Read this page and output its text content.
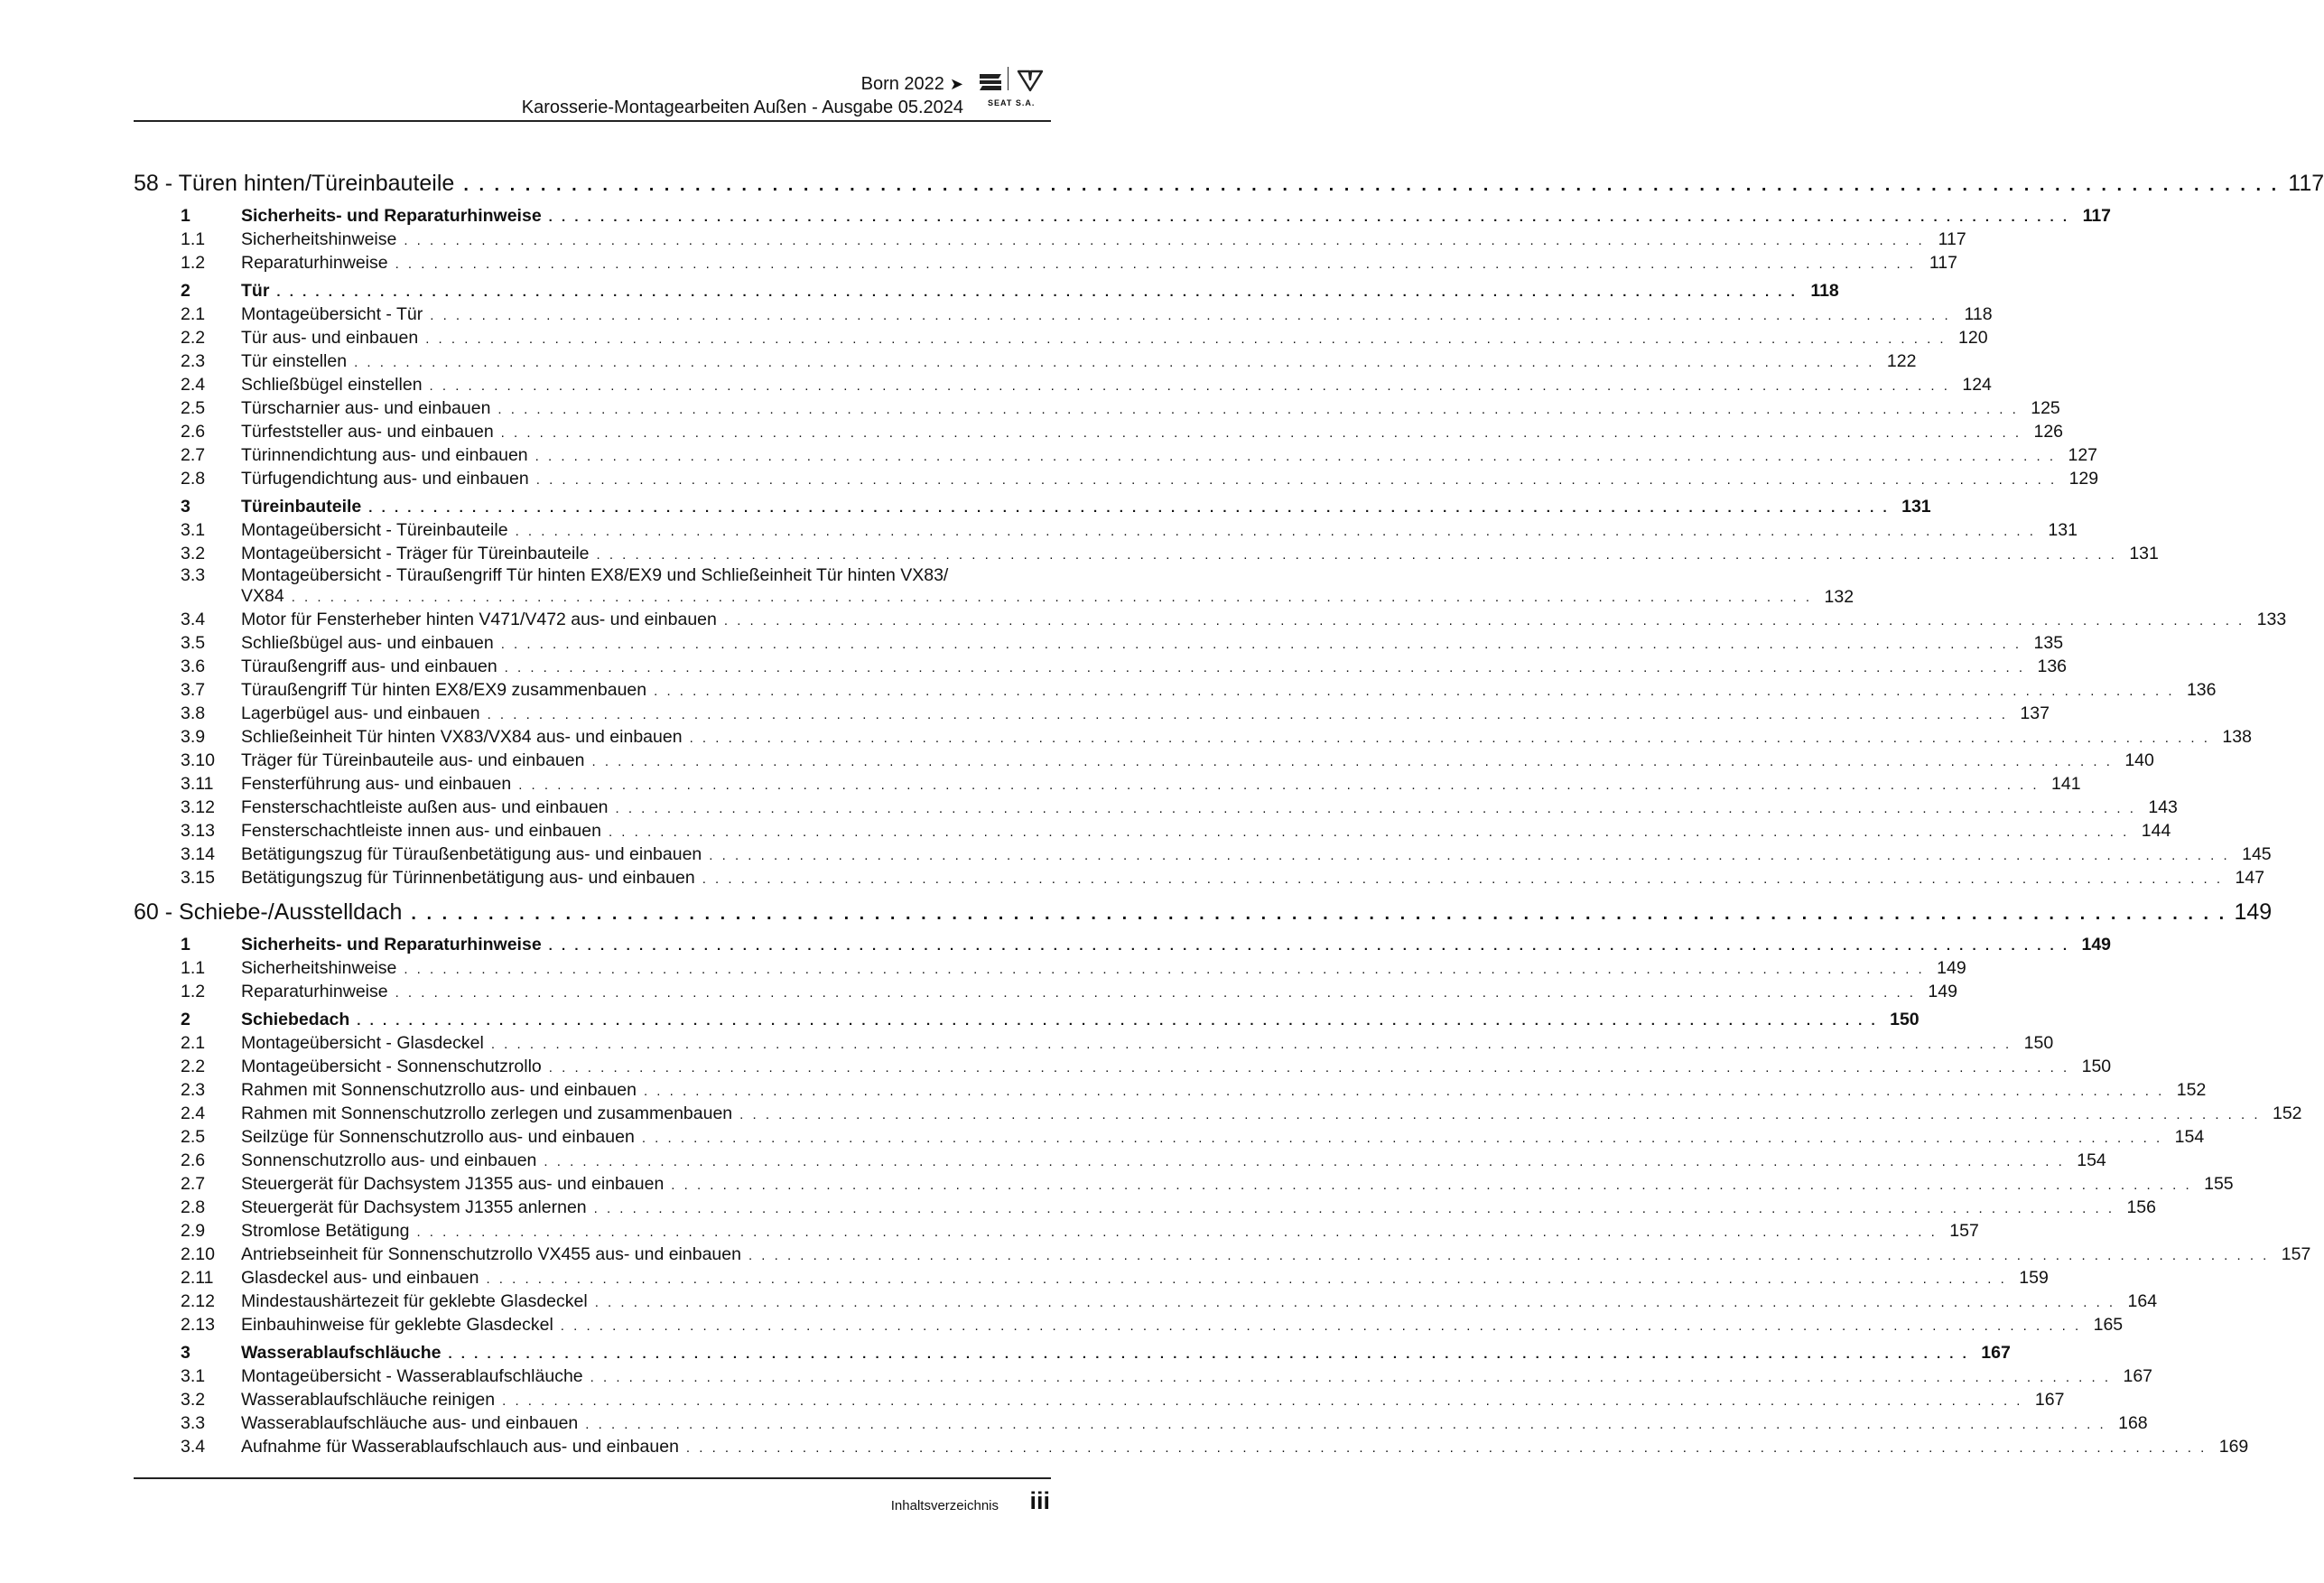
Born 2022 ➤
Karosserie-Montagearbeiten Außen - Ausgabe 05.2024	SEAT S.A.
58 - Türen hinten/Türeinbauteile . . . . . . . . . . . . . . . . . . . . . . . . . . . . . . . . . . . . . . . . . . . . . . . . . . . . . . . . . . . . . . . . . . . . . . . . . . . . . . . . . . . . . . . . . . . . . . . . . . . . . . . . . . . . . . . . . . . . . . 117
1	Sicherheits- und Reparaturhinweise . . . . . . . . . . . . . . . . . . . . . . . . . . . . . . . . . . . . . . . . . . . . . . . . . . . . . . . . . . . . . . . . . . . . . . . . . . . . . . . . . . . . . . . . . . . . . . . . . . . . . . . . . . . . . . . . . . . . . . 117
1.1	Sicherheitshinweise . . . . . . . . . . . . . . . . . . . . . . . . . . . . . . . . . . . . . . . . . . . . . . . . . . . . . . . . . . . . . . . . . . . . . . . . . . . . . . . . . . . . . . . . . . . . . . . . . . . . . . . . . . . . . . . . . . . . . . 117
1.2	Reparaturhinweise . . . . . . . . . . . . . . . . . . . . . . . . . . . . . . . . . . . . . . . . . . . . . . . . . . . . . . . . . . . . . . . . . . . . . . . . . . . . . . . . . . . . . . . . . . . . . . . . . . . . . . . . . . . . . . . . . . . . . . 117
2	Tür . . . . . . . . . . . . . . . . . . . . . . . . . . . . . . . . . . . . . . . . . . . . . . . . . . . . . . . . . . . . . . . . . . . . . . . . . . . . . . . . . . . . . . . . . . . . . . . . . . . . . . . . . . . . . . . . . . . . . . 118
2.1	Montageübersicht - Tür . . . . . . . . . . . . . . . . . . . . . . . . . . . . . . . . . . . . . . . . . . . . . . . . . . . . . . . . . . . . . . . . . . . . . . . . . . . . . . . . . . . . . . . . . . . . . . . . . . . . . . . . . . . . . . . . . . . . . . 118
2.2	Tür aus- und einbauen . . . . . . . . . . . . . . . . . . . . . . . . . . . . . . . . . . . . . . . . . . . . . . . . . . . . . . . . . . . . . . . . . . . . . . . . . . . . . . . . . . . . . . . . . . . . . . . . . . . . . . . . . . . . . . . . . . . . . . 120
2.3	Tür einstellen . . . . . . . . . . . . . . . . . . . . . . . . . . . . . . . . . . . . . . . . . . . . . . . . . . . . . . . . . . . . . . . . . . . . . . . . . . . . . . . . . . . . . . . . . . . . . . . . . . . . . . . . . . . . . . . . . . . . . . 122
2.4	Schließbügel einstellen . . . . . . . . . . . . . . . . . . . . . . . . . . . . . . . . . . . . . . . . . . . . . . . . . . . . . . . . . . . . . . . . . . . . . . . . . . . . . . . . . . . . . . . . . . . . . . . . . . . . . . . . . . . . . . . . . . . . . . 124
2.5	Türscharnier aus- und einbauen . . . . . . . . . . . . . . . . . . . . . . . . . . . . . . . . . . . . . . . . . . . . . . . . . . . . . . . . . . . . . . . . . . . . . . . . . . . . . . . . . . . . . . . . . . . . . . . . . . . . . . . . . . . . . . . . . . . . . . 125
2.6	Türfeststeller aus- und einbauen . . . . . . . . . . . . . . . . . . . . . . . . . . . . . . . . . . . . . . . . . . . . . . . . . . . . . . . . . . . . . . . . . . . . . . . . . . . . . . . . . . . . . . . . . . . . . . . . . . . . . . . . . . . . . . . . . . . . . . 126
2.7	Türinnendichtung aus- und einbauen . . . . . . . . . . . . . . . . . . . . . . . . . . . . . . . . . . . . . . . . . . . . . . . . . . . . . . . . . . . . . . . . . . . . . . . . . . . . . . . . . . . . . . . . . . . . . . . . . . . . . . . . . . . . . . . . . . . . . . 127
2.8	Türfugendichtung aus- und einbauen . . . . . . . . . . . . . . . . . . . . . . . . . . . . . . . . . . . . . . . . . . . . . . . . . . . . . . . . . . . . . . . . . . . . . . . . . . . . . . . . . . . . . . . . . . . . . . . . . . . . . . . . . . . . . . . . . . . . . . 129
3	Türeinbauteile . . . . . . . . . . . . . . . . . . . . . . . . . . . . . . . . . . . . . . . . . . . . . . . . . . . . . . . . . . . . . . . . . . . . . . . . . . . . . . . . . . . . . . . . . . . . . . . . . . . . . . . . . . . . . . . . . . . . . . 131
3.1	Montageübersicht - Türeinbauteile . . . . . . . . . . . . . . . . . . . . . . . . . . . . . . . . . . . . . . . . . . . . . . . . . . . . . . . . . . . . . . . . . . . . . . . . . . . . . . . . . . . . . . . . . . . . . . . . . . . . . . . . . . . . . . . . . . . . . . 131
3.2	Montageübersicht - Träger für Türeinbauteile . . . . . . . . . . . . . . . . . . . . . . . . . . . . . . . . . . . . . . . . . . . . . . . . . . . . . . . . . . . . . . . . . . . . . . . . . . . . . . . . . . . . . . . . . . . . . . . . . . . . . . . . . . . . . . . . . . . . . . 131
3.3	Montageübersicht - Türaußengriff Tür hinten EX8/EX9 und Schließeinheit Tür hinten VX83/
VX84 . . . . . . . . . . . . . . . . . . . . . . . . . . . . . . . . . . . . . . . . . . . . . . . . . . . . . . . . . . . . . . . . . . . . . . . . . . . . . . . . . . . . . . . . . . . . . . . . . . . . . . . . . . . . . . . . . . . . . . 132
3.4	Motor für Fensterheber hinten V471/V472 aus- und einbauen . . . . . . . . . . . . . . . . . . . . . . . . . . . . . . . . . . . . . . . . . . . . . . . . . . . . . . . . . . . . . . . . . . . . . . . . . . . . . . . . . . . . . . . . . . . . . . . . . . . . . . . . . . . . . . . . . . . . . . 133
3.5	Schließbügel aus- und einbauen . . . . . . . . . . . . . . . . . . . . . . . . . . . . . . . . . . . . . . . . . . . . . . . . . . . . . . . . . . . . . . . . . . . . . . . . . . . . . . . . . . . . . . . . . . . . . . . . . . . . . . . . . . . . . . . . . . . . . . 135
3.6	Türaußengriff aus- und einbauen . . . . . . . . . . . . . . . . . . . . . . . . . . . . . . . . . . . . . . . . . . . . . . . . . . . . . . . . . . . . . . . . . . . . . . . . . . . . . . . . . . . . . . . . . . . . . . . . . . . . . . . . . . . . . . . . . . . . . . 136
3.7	Türaußengriff Tür hinten EX8/EX9 zusammenbauen . . . . . . . . . . . . . . . . . . . . . . . . . . . . . . . . . . . . . . . . . . . . . . . . . . . . . . . . . . . . . . . . . . . . . . . . . . . . . . . . . . . . . . . . . . . . . . . . . . . . . . . . . . . . . . . . . . . . . . 136
3.8	Lagerbügel aus- und einbauen . . . . . . . . . . . . . . . . . . . . . . . . . . . . . . . . . . . . . . . . . . . . . . . . . . . . . . . . . . . . . . . . . . . . . . . . . . . . . . . . . . . . . . . . . . . . . . . . . . . . . . . . . . . . . . . . . . . . . . 137
3.9	Schließeinheit Tür hinten VX83/VX84 aus- und einbauen . . . . . . . . . . . . . . . . . . . . . . . . . . . . . . . . . . . . . . . . . . . . . . . . . . . . . . . . . . . . . . . . . . . . . . . . . . . . . . . . . . . . . . . . . . . . . . . . . . . . . . . . . . . . . . . . . . . . . . 138
3.10	Träger für Türeinbauteile aus- und einbauen . . . . . . . . . . . . . . . . . . . . . . . . . . . . . . . . . . . . . . . . . . . . . . . . . . . . . . . . . . . . . . . . . . . . . . . . . . . . . . . . . . . . . . . . . . . . . . . . . . . . . . . . . . . . . . . . . . . . . . 140
3.11	Fensterführung aus- und einbauen . . . . . . . . . . . . . . . . . . . . . . . . . . . . . . . . . . . . . . . . . . . . . . . . . . . . . . . . . . . . . . . . . . . . . . . . . . . . . . . . . . . . . . . . . . . . . . . . . . . . . . . . . . . . . . . . . . . . . . 141
3.12	Fensterschachtleiste außen aus- und einbauen . . . . . . . . . . . . . . . . . . . . . . . . . . . . . . . . . . . . . . . . . . . . . . . . . . . . . . . . . . . . . . . . . . . . . . . . . . . . . . . . . . . . . . . . . . . . . . . . . . . . . . . . . . . . . . . . . . . . . . 143
3.13	Fensterschachtleiste innen aus- und einbauen . . . . . . . . . . . . . . . . . . . . . . . . . . . . . . . . . . . . . . . . . . . . . . . . . . . . . . . . . . . . . . . . . . . . . . . . . . . . . . . . . . . . . . . . . . . . . . . . . . . . . . . . . . . . . . . . . . . . . . 144
3.14	Betätigungszug für Türaußenbetätigung aus- und einbauen . . . . . . . . . . . . . . . . . . . . . . . . . . . . . . . . . . . . . . . . . . . . . . . . . . . . . . . . . . . . . . . . . . . . . . . . . . . . . . . . . . . . . . . . . . . . . . . . . . . . . . . . . . . . . . . . . . . . . . 145
3.15	Betätigungszug für Türinnenbetätigung aus- und einbauen . . . . . . . . . . . . . . . . . . . . . . . . . . . . . . . . . . . . . . . . . . . . . . . . . . . . . . . . . . . . . . . . . . . . . . . . . . . . . . . . . . . . . . . . . . . . . . . . . . . . . . . . . . . . . . . . . . . . . . 147
60 - Schiebe-/Ausstelldach . . . . . . . . . . . . . . . . . . . . . . . . . . . . . . . . . . . . . . . . . . . . . . . . . . . . . . . . . . . . . . . . . . . . . . . . . . . . . . . . . . . . . . . . . . . . . . . . . . . . . . . . . . . . . . . . . . . . . . 149
1	Sicherheits- und Reparaturhinweise . . . . . . . . . . . . . . . . . . . . . . . . . . . . . . . . . . . . . . . . . . . . . . . . . . . . . . . . . . . . . . . . . . . . . . . . . . . . . . . . . . . . . . . . . . . . . . . . . . . . . . . . . . . . . . . . . . . . . . 149
1.1	Sicherheitshinweise . . . . . . . . . . . . . . . . . . . . . . . . . . . . . . . . . . . . . . . . . . . . . . . . . . . . . . . . . . . . . . . . . . . . . . . . . . . . . . . . . . . . . . . . . . . . . . . . . . . . . . . . . . . . . . . . . . . . . . 149
1.2	Reparaturhinweise . . . . . . . . . . . . . . . . . . . . . . . . . . . . . . . . . . . . . . . . . . . . . . . . . . . . . . . . . . . . . . . . . . . . . . . . . . . . . . . . . . . . . . . . . . . . . . . . . . . . . . . . . . . . . . . . . . . . . . 149
2	Schiebedach . . . . . . . . . . . . . . . . . . . . . . . . . . . . . . . . . . . . . . . . . . . . . . . . . . . . . . . . . . . . . . . . . . . . . . . . . . . . . . . . . . . . . . . . . . . . . . . . . . . . . . . . . . . . . . . . . . . . . . 150
2.1	Montageübersicht - Glasdeckel . . . . . . . . . . . . . . . . . . . . . . . . . . . . . . . . . . . . . . . . . . . . . . . . . . . . . . . . . . . . . . . . . . . . . . . . . . . . . . . . . . . . . . . . . . . . . . . . . . . . . . . . . . . . . . . . . . . . . . 150
2.2	Montageübersicht - Sonnenschutzrollo . . . . . . . . . . . . . . . . . . . . . . . . . . . . . . . . . . . . . . . . . . . . . . . . . . . . . . . . . . . . . . . . . . . . . . . . . . . . . . . . . . . . . . . . . . . . . . . . . . . . . . . . . . . . . . . . . . . . . . 150
2.3	Rahmen mit Sonnenschutzrollo aus- und einbauen . . . . . . . . . . . . . . . . . . . . . . . . . . . . . . . . . . . . . . . . . . . . . . . . . . . . . . . . . . . . . . . . . . . . . . . . . . . . . . . . . . . . . . . . . . . . . . . . . . . . . . . . . . . . . . . . . . . . . . 152
2.4	Rahmen mit Sonnenschutzrollo zerlegen und zusammenbauen . . . . . . . . . . . . . . . . . . . . . . . . . . . . . . . . . . . . . . . . . . . . . . . . . . . . . . . . . . . . . . . . . . . . . . . . . . . . . . . . . . . . . . . . . . . . . . . . . . . . . . . . . . . . . . . . . . . . . . 152
2.5	Seilzüge für Sonnenschutzrollo aus- und einbauen . . . . . . . . . . . . . . . . . . . . . . . . . . . . . . . . . . . . . . . . . . . . . . . . . . . . . . . . . . . . . . . . . . . . . . . . . . . . . . . . . . . . . . . . . . . . . . . . . . . . . . . . . . . . . . . . . . . . . . 154
2.6	Sonnenschutzrollo aus- und einbauen . . . . . . . . . . . . . . . . . . . . . . . . . . . . . . . . . . . . . . . . . . . . . . . . . . . . . . . . . . . . . . . . . . . . . . . . . . . . . . . . . . . . . . . . . . . . . . . . . . . . . . . . . . . . . . . . . . . . . . 154
2.7	Steuergerät für Dachsystem J1355 aus- und einbauen . . . . . . . . . . . . . . . . . . . . . . . . . . . . . . . . . . . . . . . . . . . . . . . . . . . . . . . . . . . . . . . . . . . . . . . . . . . . . . . . . . . . . . . . . . . . . . . . . . . . . . . . . . . . . . . . . . . . . . 155
2.8	Steuergerät für Dachsystem J1355 anlernen . . . . . . . . . . . . . . . . . . . . . . . . . . . . . . . . . . . . . . . . . . . . . . . . . . . . . . . . . . . . . . . . . . . . . . . . . . . . . . . . . . . . . . . . . . . . . . . . . . . . . . . . . . . . . . . . . . . . . . 156
2.9	Stromlose Betätigung . . . . . . . . . . . . . . . . . . . . . . . . . . . . . . . . . . . . . . . . . . . . . . . . . . . . . . . . . . . . . . . . . . . . . . . . . . . . . . . . . . . . . . . . . . . . . . . . . . . . . . . . . . . . . . . . . . . . . . 157
2.10	Antriebseinheit für Sonnenschutzrollo VX455 aus- und einbauen . . . . . . . . . . . . . . . . . . . . . . . . . . . . . . . . . . . . . . . . . . . . . . . . . . . . . . . . . . . . . . . . . . . . . . . . . . . . . . . . . . . . . . . . . . . . . . . . . . . . . . . . . . . . . . . . . . . . . . 157
2.11	Glasdeckel aus- und einbauen . . . . . . . . . . . . . . . . . . . . . . . . . . . . . . . . . . . . . . . . . . . . . . . . . . . . . . . . . . . . . . . . . . . . . . . . . . . . . . . . . . . . . . . . . . . . . . . . . . . . . . . . . . . . . . . . . . . . . . 159
2.12	Mindestaushärtezeit für geklebte Glasdeckel . . . . . . . . . . . . . . . . . . . . . . . . . . . . . . . . . . . . . . . . . . . . . . . . . . . . . . . . . . . . . . . . . . . . . . . . . . . . . . . . . . . . . . . . . . . . . . . . . . . . . . . . . . . . . . . . . . . . . . 164
2.13	Einbauhinweise für geklebte Glasdeckel . . . . . . . . . . . . . . . . . . . . . . . . . . . . . . . . . . . . . . . . . . . . . . . . . . . . . . . . . . . . . . . . . . . . . . . . . . . . . . . . . . . . . . . . . . . . . . . . . . . . . . . . . . . . . . . . . . . . . . 165
3	Wasserablaufschläuche . . . . . . . . . . . . . . . . . . . . . . . . . . . . . . . . . . . . . . . . . . . . . . . . . . . . . . . . . . . . . . . . . . . . . . . . . . . . . . . . . . . . . . . . . . . . . . . . . . . . . . . . . . . . . . . . . . . . . . 167
3.1	Montageübersicht - Wasserablaufschläuche . . . . . . . . . . . . . . . . . . . . . . . . . . . . . . . . . . . . . . . . . . . . . . . . . . . . . . . . . . . . . . . . . . . . . . . . . . . . . . . . . . . . . . . . . . . . . . . . . . . . . . . . . . . . . . . . . . . . . . 167
3.2	Wasserablaufschläuche reinigen . . . . . . . . . . . . . . . . . . . . . . . . . . . . . . . . . . . . . . . . . . . . . . . . . . . . . . . . . . . . . . . . . . . . . . . . . . . . . . . . . . . . . . . . . . . . . . . . . . . . . . . . . . . . . . . . . . . . . . 167
3.3	Wasserablaufschläuche aus- und einbauen . . . . . . . . . . . . . . . . . . . . . . . . . . . . . . . . . . . . . . . . . . . . . . . . . . . . . . . . . . . . . . . . . . . . . . . . . . . . . . . . . . . . . . . . . . . . . . . . . . . . . . . . . . . . . . . . . . . . . . 168
3.4	Aufnahme für Wasserablaufschlauch aus- und einbauen . . . . . . . . . . . . . . . . . . . . . . . . . . . . . . . . . . . . . . . . . . . . . . . . . . . . . . . . . . . . . . . . . . . . . . . . . . . . . . . . . . . . . . . . . . . . . . . . . . . . . . . . . . . . . . . . . . . . . . 169
Inhaltsverzeichnis iii
